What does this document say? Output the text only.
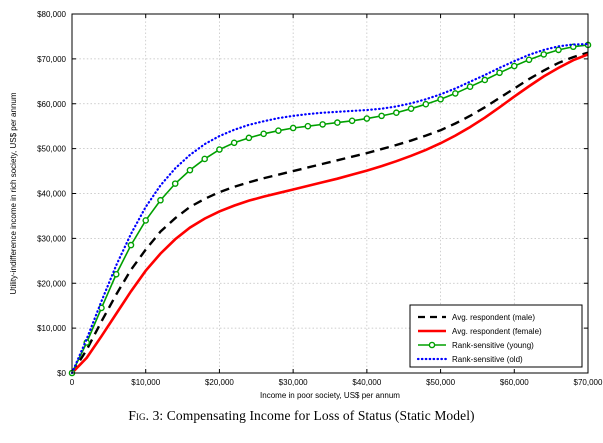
0	$10,000	$20,000	$30,000	$40,000	$50,000	$60,000	$70,000
$0
$10,000
$20,000
$30,000
$40,000
$50,000
$60,000
$70,000
$80,000
Income in poor society, US$ per annum
Utility-indifference income in rich society, US$ per annum
Avg. respondent (male)
Avg. respondent (female)
Rank-sensitive (young)
Rank-sensitive (old)
Fig. 3: Compensating Income for Loss of Status (Static Model)
